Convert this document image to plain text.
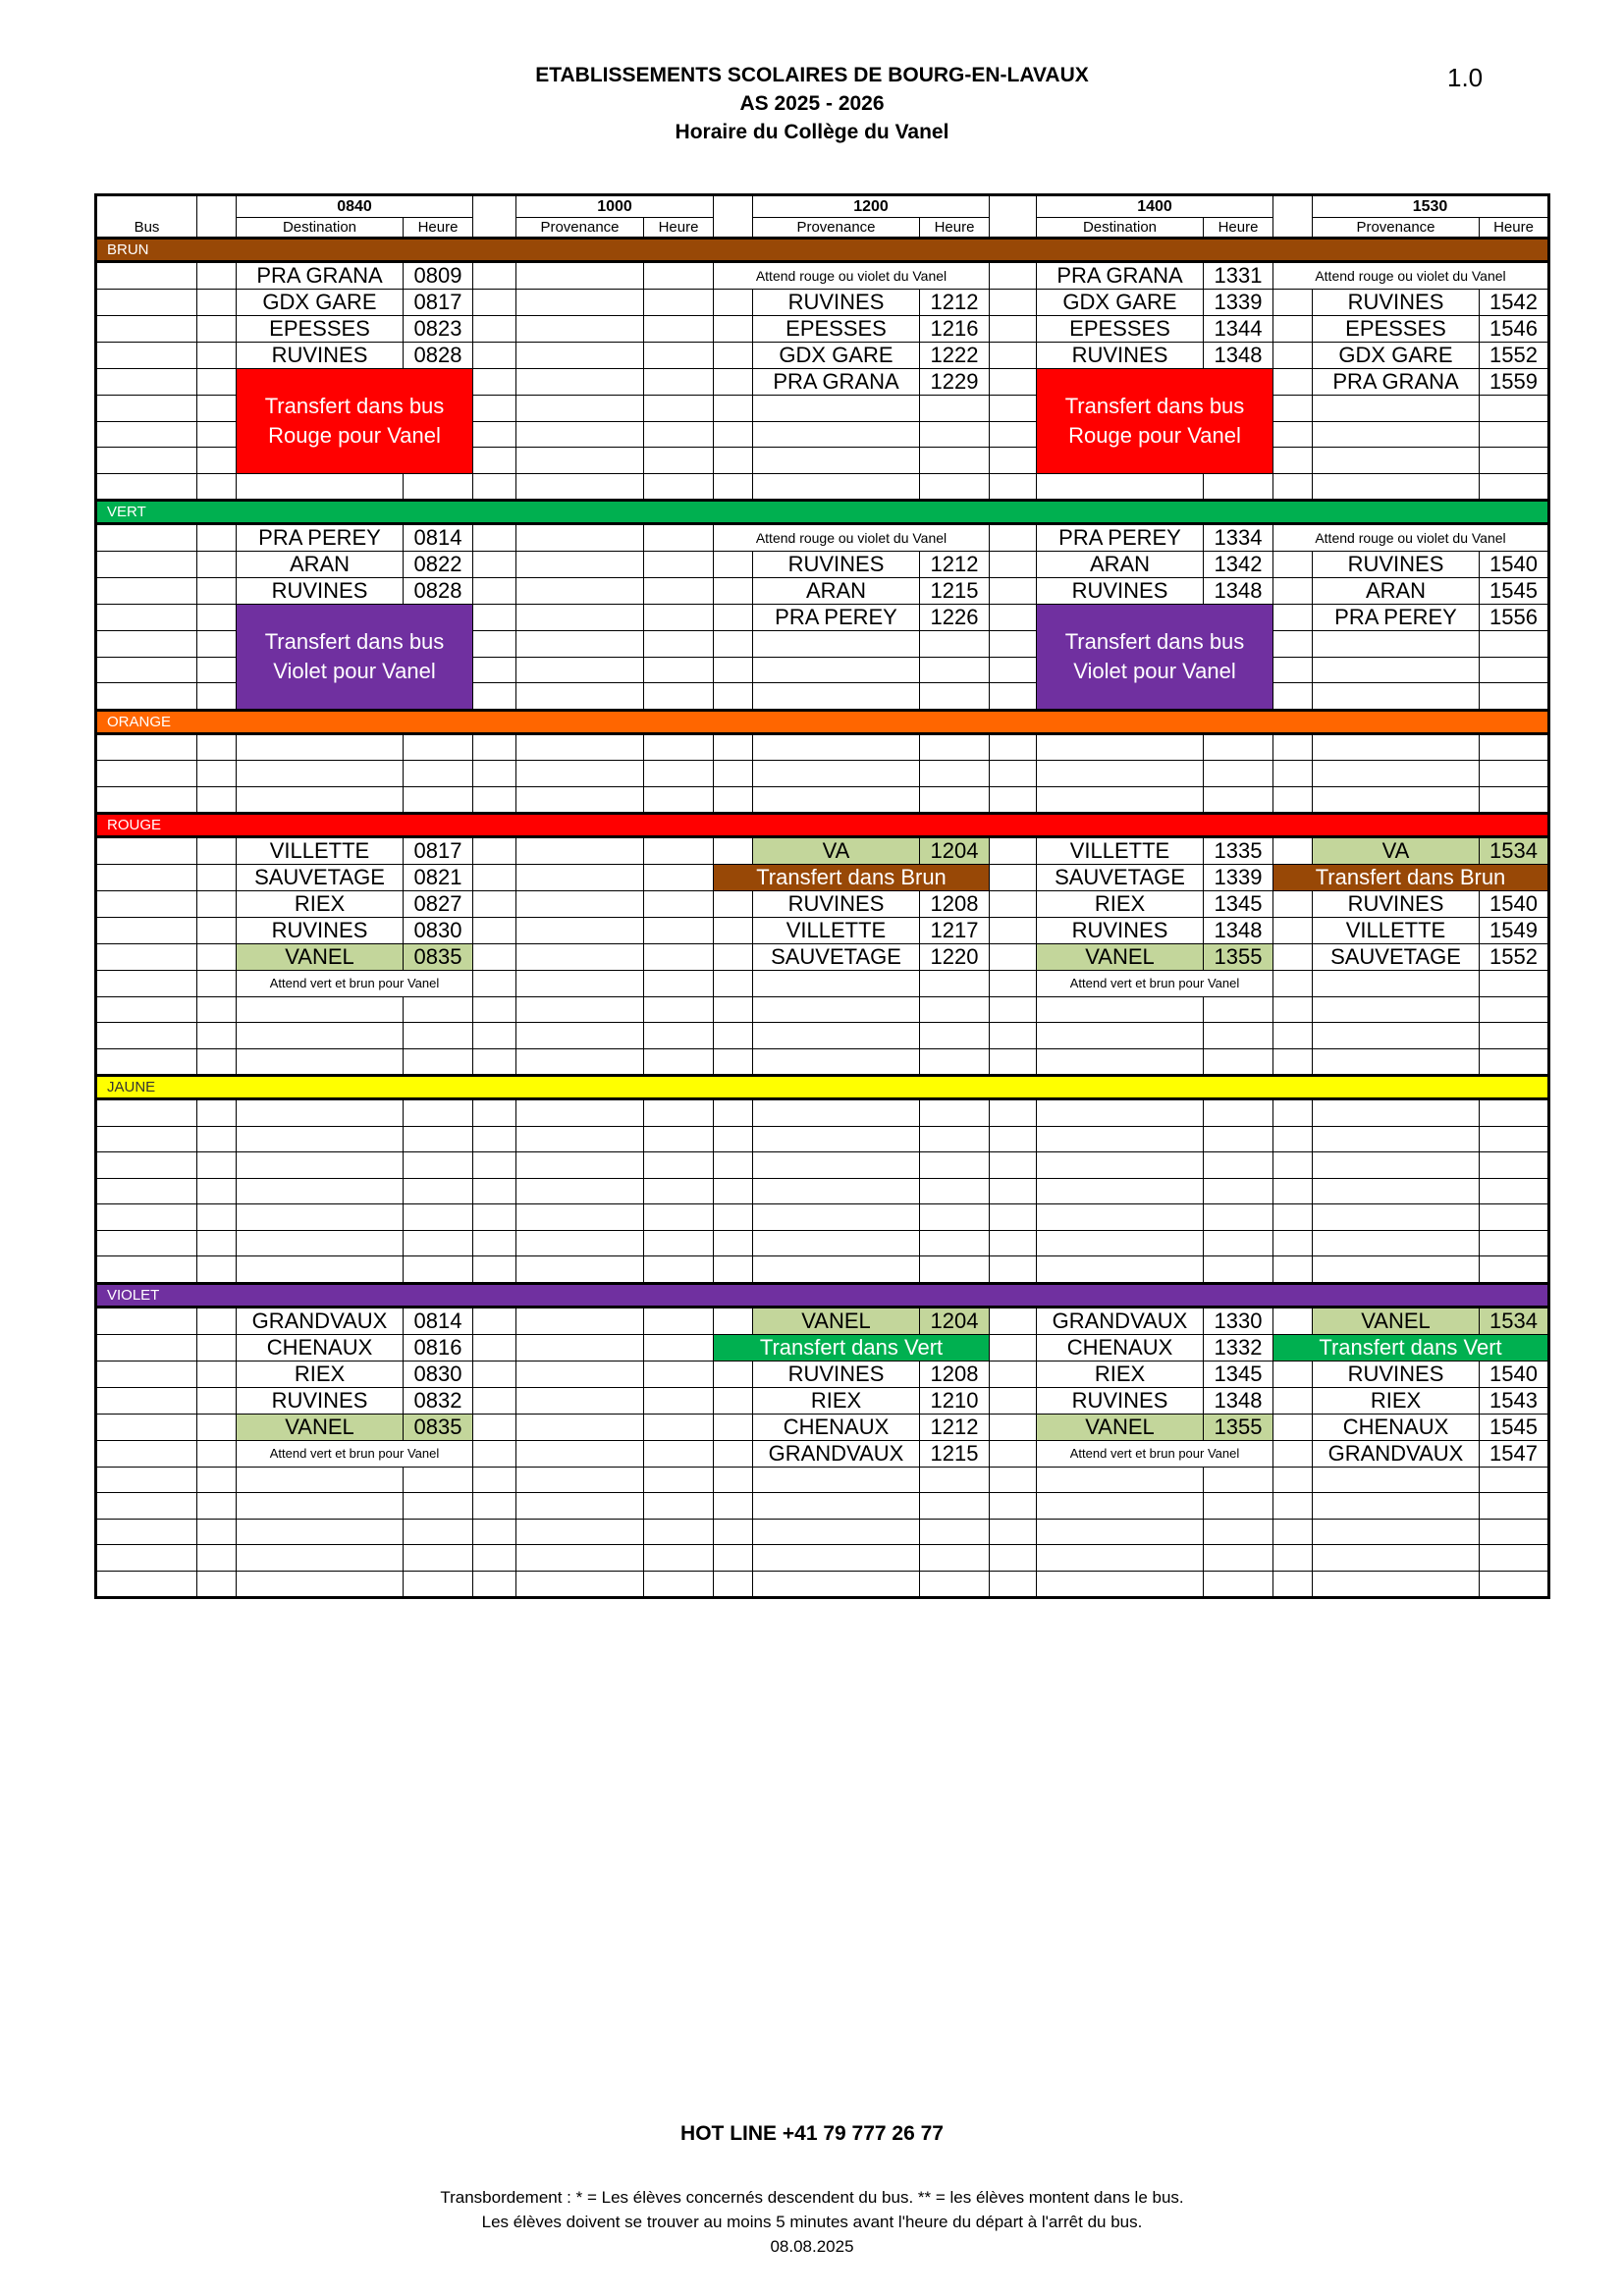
ETABLISSEMENTS SCOLAIRES DE BOURG-EN-LAVAUX
AS 2025 - 2026
Horaire du Collège du Vanel
1.0
		0840			1000			1200			1400			1530	
Bus		Destination	Heure		Provenance	Heure		Provenance	Heure		Destination	Heure		Provenance	Heure
BRUN															
		PRA GRANA	0809				Attend rouge ou violet du Vanel				PRA GRANA	1331	Attend rouge ou violet du Vanel		
		GDX GARE	0817					RUVINES	1212		GDX GARE	1339		RUVINES	1542
		EPESSES	0823					EPESSES	1216		EPESSES	1344		EPESSES	1546
		RUVINES	0828					GDX GARE	1222		RUVINES	1348		GDX GARE	1552
		Transfert dans bus Rouge pour Vanel						PRA GRANA	1229		Transfert dans bus Rouge pour Vanel			PRA GRANA	1559

VERT															
		PRA PEREY	0814				Attend rouge ou violet du Vanel				PRA PEREY	1334	Attend rouge ou violet du Vanel		
		ARAN	0822					RUVINES	1212		ARAN	1342		RUVINES	1540
		RUVINES	0828					ARAN	1215		RUVINES	1348		ARAN	1545
		Transfert dans bus Violet pour Vanel						PRA PEREY	1226		Transfert dans bus Violet pour Vanel			PRA PEREY	1556

ORANGE															

ROUGE															
		VILLETTE	0817					VA	1204		VILLETTE	1335		VA	1534
		SAUVETAGE	0821				Transfert dans Brun				SAUVETAGE	1339	Transfert dans Brun		
		RIEX	0827					RUVINES	1208		RIEX	1345		RUVINES	1540
		RUVINES	0830					VILLETTE	1217		RUVINES	1348		VILLETTE	1549
		VANEL	0835					SAUVETAGE	1220		VANEL	1355		SAUVETAGE	1552
		Attend vert et brun pour Vanel									Attend vert et brun pour Vanel				

JAUNE															

VIOLET															
		GRANDVAUX	0814					VANEL	1204		GRANDVAUX	1330		VANEL	1534
		CHENAUX	0816				Transfert dans Vert				CHENAUX	1332	Transfert dans Vert		
		RIEX	0830					RUVINES	1208		RIEX	1345		RUVINES	1540
		RUVINES	0832					RIEX	1210		RUVINES	1348		RIEX	1543
		VANEL	0835					CHENAUX	1212		VANEL	1355		CHENAUX	1545
		Attend vert et brun pour Vanel						GRANDVAUX	1215		Attend vert et brun pour Vanel			GRANDVAUX	1547

HOT LINE +41 79 777 26 77
Transbordement : * = Les élèves concernés descendent du bus. ** = les élèves montent dans le bus.
Les élèves doivent se trouver au moins 5 minutes avant l'heure du départ à l'arrêt du bus.
08.08.2025
